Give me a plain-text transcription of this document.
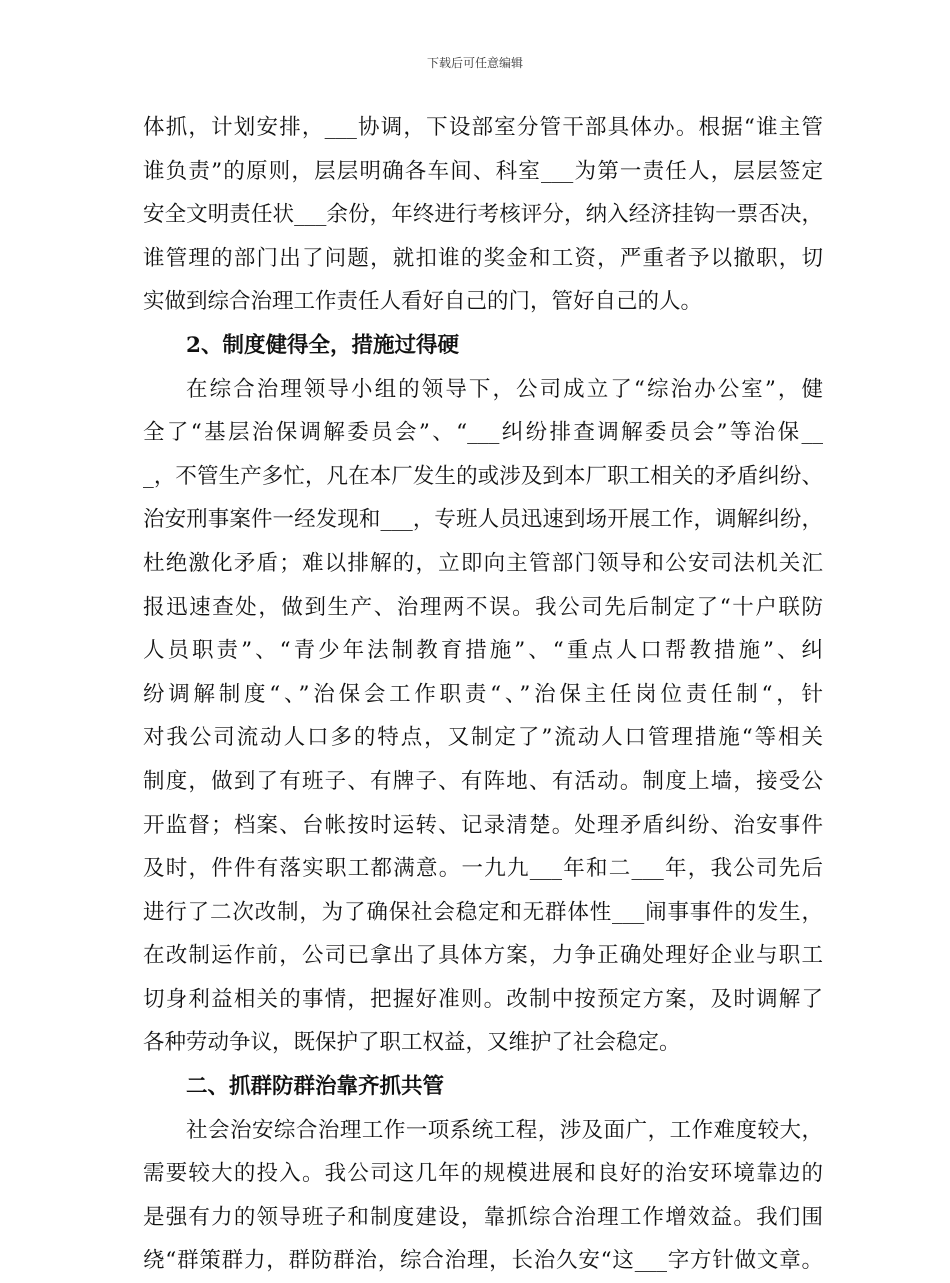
下载后可任意编辑
体抓，计划安排，___协调，下设部室分管干部具体办。根据“谁主管
谁负责”的原则，层层明确各车间、科室___为第一责任人，层层签定
安全文明责任状___余份，年终进行考核评分，纳入经济挂钩一票否决，
谁管理的部门出了问题，就扣谁的奖金和工资，严重者予以撤职，切
实做到综合治理工作责任人看好自己的门，管好自己的人。
2、制度健得全，措施过得硬
在综合治理领导小组的领导下，公司成立了“综治办公室”，健
全了“基层治保调解委员会”、“___纠纷排查调解委员会”等治保__
_，不管生产多忙，凡在本厂发生的或涉及到本厂职工相关的矛盾纠纷、
治安刑事案件一经发现和___，专班人员迅速到场开展工作，调解纠纷，
杜绝激化矛盾；难以排解的，立即向主管部门领导和公安司法机关汇
报迅速查处，做到生产、治理两不误。我公司先后制定了“十户联防
人员职责”、“青少年法制教育措施”、“重点人口帮教措施”、纠
纷调解制度“、”治保会工作职责“、”治保主任岗位责任制“，针
对我公司流动人口多的特点，又制定了”流动人口管理措施“等相关
制度，做到了有班子、有牌子、有阵地、有活动。制度上墙，接受公
开监督；档案、台帐按时运转、记录清楚。处理矛盾纠纷、治安事件
及时，件件有落实职工都满意。一九九___年和二___年，我公司先后
进行了二次改制，为了确保社会稳定和无群体性___闹事事件的发生，
在改制运作前，公司已拿出了具体方案，力争正确处理好企业与职工
切身利益相关的事情，把握好准则。改制中按预定方案，及时调解了
各种劳动争议，既保护了职工权益，又维护了社会稳定。
二、抓群防群治靠齐抓共管
社会治安综合治理工作一项系统工程，涉及面广，工作难度较大，
需要较大的投入。我公司这几年的规模进展和良好的治安环境靠边的
是强有力的领导班子和制度建设，靠抓综合治理工作增效益。我们围
绕“群策群力，群防群治，综合治理，长治久安“这___字方针做文章。
